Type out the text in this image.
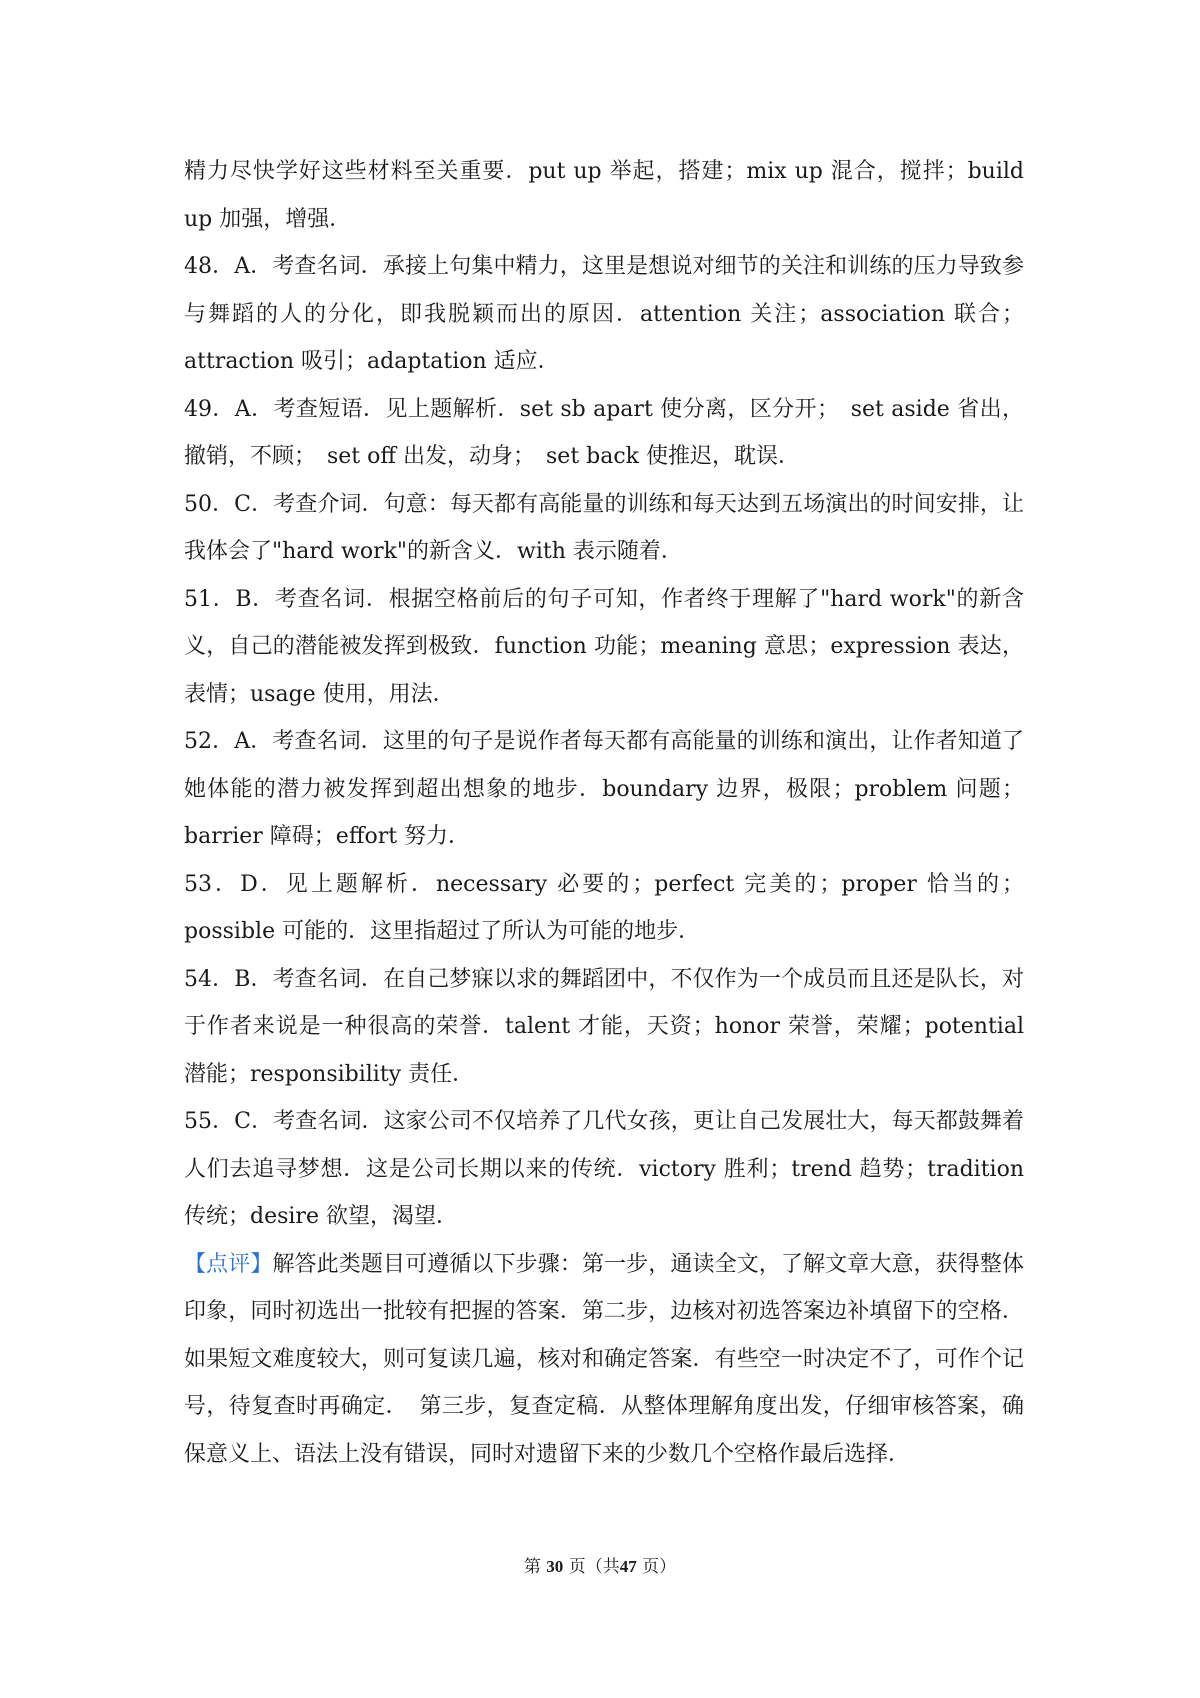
精力尽快学好这些材料至关重要．put up 举起，搭建；mix up 混合，搅拌；build up 加强，增强．

48．A．考查名词．承接上句集中精力，这里是想说对细节的关注和训练的压力导致参与舞蹈的人的分化，即我脱颖而出的原因．attention 关注；association 联合；attraction 吸引；adaptation 适应．

49．A．考查短语．见上题解析．set sb apart 使分离，区分开；　set aside 省出，撤销，不顾；　set off 出发，动身；　set back 使推迟，耽误．

50．C．考查介词．句意：每天都有高能量的训练和每天达到五场演出的时间安排，让我体会了"hard work"的新含义．with 表示随着．

51．B．考查名词．根据空格前后的句子可知，作者终于理解了"hard work"的新含义，自己的潜能被发挥到极致．function 功能；meaning 意思；expression 表达，表情；usage 使用，用法．

52．A．考查名词．这里的句子是说作者每天都有高能量的训练和演出，让作者知道了她体能的潜力被发挥到超出想象的地步．boundary 边界，极限；problem 问题；barrier 障碍；effort 努力．

53．D．见上题解析．necessary 必要的；perfect 完美的；proper 恰当的；possible 可能的．这里指超过了所认为可能的地步．

54．B．考查名词．在自己梦寐以求的舞蹈团中，不仅作为一个成员而且还是队长，对于作者来说是一种很高的荣誉．talent 才能，天资；honor 荣誉，荣耀；potential 潜能；responsibility 责任．

55．C．考查名词．这家公司不仅培养了几代女孩，更让自己发展壮大，每天都鼓舞着人们去追寻梦想．这是公司长期以来的传统．victory 胜利；trend 趋势；tradition 传统；desire 欲望，渴望．

【点评】解答此类题目可遵循以下步骤：第一步，通读全文，了解文章大意，获得整体印象，同时初选出一批较有把握的答案．第二步，边核对初选答案边补填留下的空格．如果短文难度较大，则可复读几遍，核对和确定答案．有些空一时决定不了，可作个记号，待复查时再确定．　第三步，复查定稿．从整体理解角度出发，仔细审核答案，确保意义上、语法上没有错误，同时对遗留下来的少数几个空格作最后选择．

第 30 页（共47 页）
